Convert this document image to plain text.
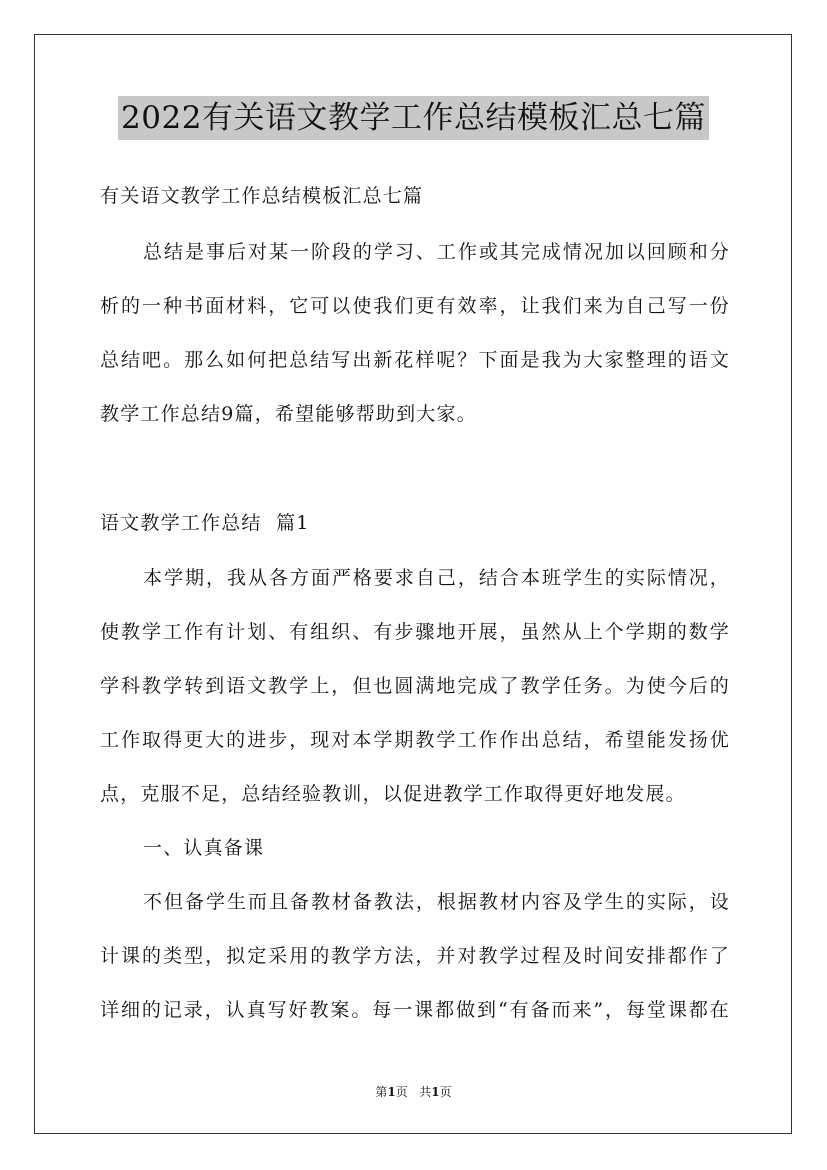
2022有关语文教学工作总结模板汇总七篇
有关语文教学工作总结模板汇总七篇
总结是事后对某一阶段的学习、工作或其完成情况加以回顾和分
析的一种书面材料，它可以使我们更有效率，让我们来为自己写一份
总结吧。那么如何把总结写出新花样呢？下面是我为大家整理的语文
教学工作总结9篇，希望能够帮助到大家。
语文教学工作总结  篇1
本学期，我从各方面严格要求自己，结合本班学生的实际情况，
使教学工作有计划、有组织、有步骤地开展，虽然从上个学期的数学
学科教学转到语文教学上，但也圆满地完成了教学任务。为使今后的
工作取得更大的进步，现对本学期教学工作作出总结，希望能发扬优
点，克服不足，总结经验教训，以促进教学工作取得更好地发展。
一、认真备课
不但备学生而且备教材备教法，根据教材内容及学生的实际，设
计课的类型，拟定采用的教学方法，并对教学过程及时间安排都作了
详细的记录，认真写好教案。每一课都做到“有备而来”，每堂课都在
第1页 共1页
